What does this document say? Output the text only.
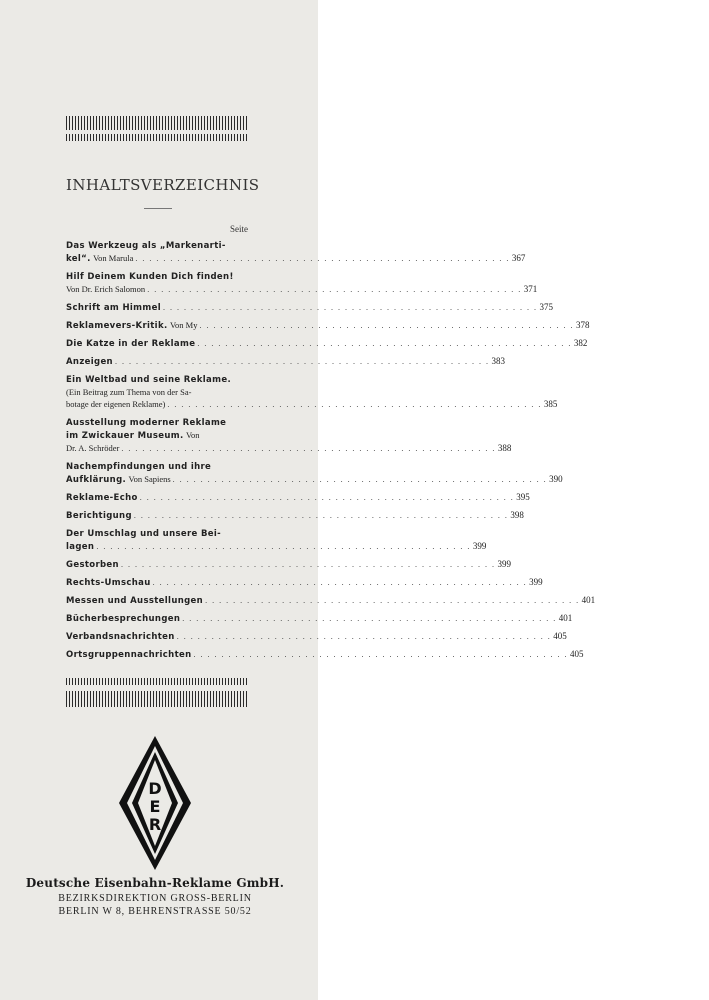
INHALTSVERZEICHNIS
Seite
Das Werkzeug als „Markenarti-
kel“. Von Marula . . . . . . . . . . . . . . . . . . . . . . . . . . . . . . . . . . . . . . . . . . . . . . . . . . . . . . 367
Hilf Deinem Kunden Dich finden!
Von Dr. Erich Salomon . . . . . . . . . . . . . . . . . . . . . . . . . . . . . . . . . . . . . . . . . . . . . . . . . . . . . . 371
Schrift am Himmel . . . . . . . . . . . . . . . . . . . . . . . . . . . . . . . . . . . . . . . . . . . . . . . . . . . . . . 375
Reklamevers-Kritik. Von My . . . . . . . . . . . . . . . . . . . . . . . . . . . . . . . . . . . . . . . . . . . . . . . . . . . . . . 378
Die Katze in der Reklame . . . . . . . . . . . . . . . . . . . . . . . . . . . . . . . . . . . . . . . . . . . . . . . . . . . . . . 382
Anzeigen . . . . . . . . . . . . . . . . . . . . . . . . . . . . . . . . . . . . . . . . . . . . . . . . . . . . . . 383
Ein Weltbad und seine Reklame.
(Ein Beitrag zum Thema von der Sa-
botage der eigenen Reklame) . . . . . . . . . . . . . . . . . . . . . . . . . . . . . . . . . . . . . . . . . . . . . . . . . . . . . . 385
Ausstellung moderner Reklame
im Zwickauer Museum. Von
Dr. A. Schröder . . . . . . . . . . . . . . . . . . . . . . . . . . . . . . . . . . . . . . . . . . . . . . . . . . . . . . 388
Nachempfindungen und ihre
Aufklärung. Von Sapiens . . . . . . . . . . . . . . . . . . . . . . . . . . . . . . . . . . . . . . . . . . . . . . . . . . . . . . 390
Reklame-Echo . . . . . . . . . . . . . . . . . . . . . . . . . . . . . . . . . . . . . . . . . . . . . . . . . . . . . . 395
Berichtigung . . . . . . . . . . . . . . . . . . . . . . . . . . . . . . . . . . . . . . . . . . . . . . . . . . . . . . 398
Der Umschlag und unsere Bei-
lagen . . . . . . . . . . . . . . . . . . . . . . . . . . . . . . . . . . . . . . . . . . . . . . . . . . . . . . 399
Gestorben . . . . . . . . . . . . . . . . . . . . . . . . . . . . . . . . . . . . . . . . . . . . . . . . . . . . . . 399
Rechts-Umschau . . . . . . . . . . . . . . . . . . . . . . . . . . . . . . . . . . . . . . . . . . . . . . . . . . . . . . 399
Messen und Ausstellungen . . . . . . . . . . . . . . . . . . . . . . . . . . . . . . . . . . . . . . . . . . . . . . . . . . . . . . 401
Bücherbesprechungen . . . . . . . . . . . . . . . . . . . . . . . . . . . . . . . . . . . . . . . . . . . . . . . . . . . . . . 401
Verbandsnachrichten . . . . . . . . . . . . . . . . . . . . . . . . . . . . . . . . . . . . . . . . . . . . . . . . . . . . . . 405
Ortsgruppennachrichten . . . . . . . . . . . . . . . . . . . . . . . . . . . . . . . . . . . . . . . . . . . . . . . . . . . . . . 405
D
E
R
Deutsche Eisenbahn-Reklame GmbH.
BEZIRKSDIREKTION GROSS-BERLIN
BERLIN W 8, BEHRENSTRASSE 50/52
